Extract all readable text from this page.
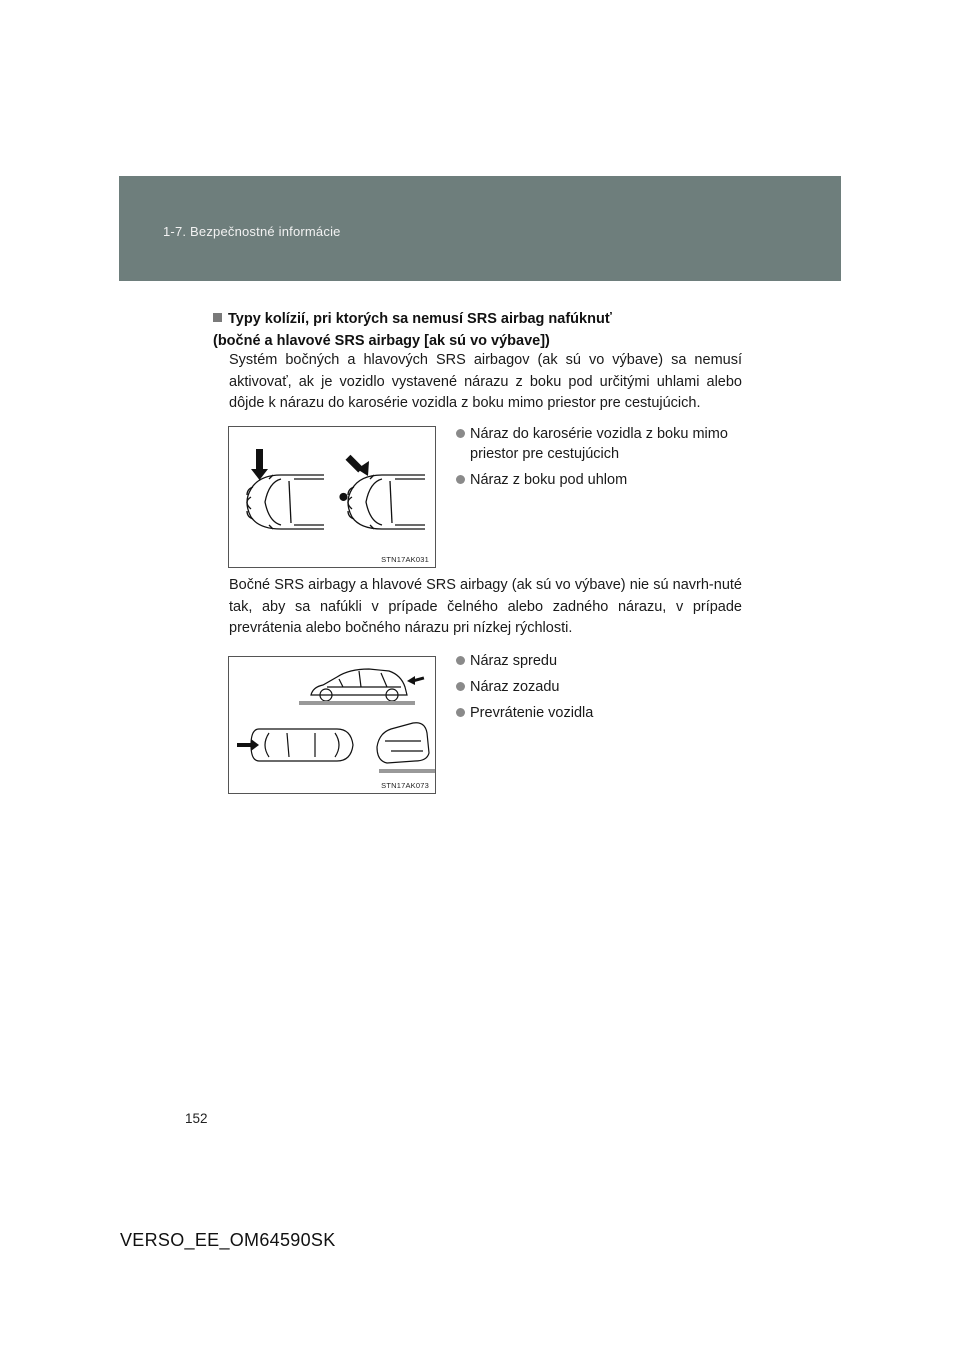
1-7. Bezpečnostné informácie
Typy kolízií, pri ktorých sa nemusí SRS airbag nafúknuť
(bočné a hlavové SRS airbagy [ak sú vo výbave])
Systém bočných a hlavových SRS airbagov (ak sú vo výbave) sa nemusí aktivovať, ak je vozidlo vystavené nárazu z boku pod určitými uhlami alebo dôjde k nárazu do karosérie vozidla z boku mimo priestor pre cestujúcich.
⬤
STN17AK031
Náraz do karosérie vozidla z boku mimo priestor pre cestujúcich
Náraz z boku pod uhlom
Bočné SRS airbagy a hlavové SRS airbagy (ak sú vo výbave) nie sú navrh-nuté tak, aby sa nafúkli v prípade čelného alebo zadného nárazu, v prípade prevrátenia alebo bočného nárazu pri nízkej rýchlosti.
STN17AK073
Náraz spredu
Náraz zozadu
Prevrátenie vozidla
152
VERSO_EE_OM64590SK
